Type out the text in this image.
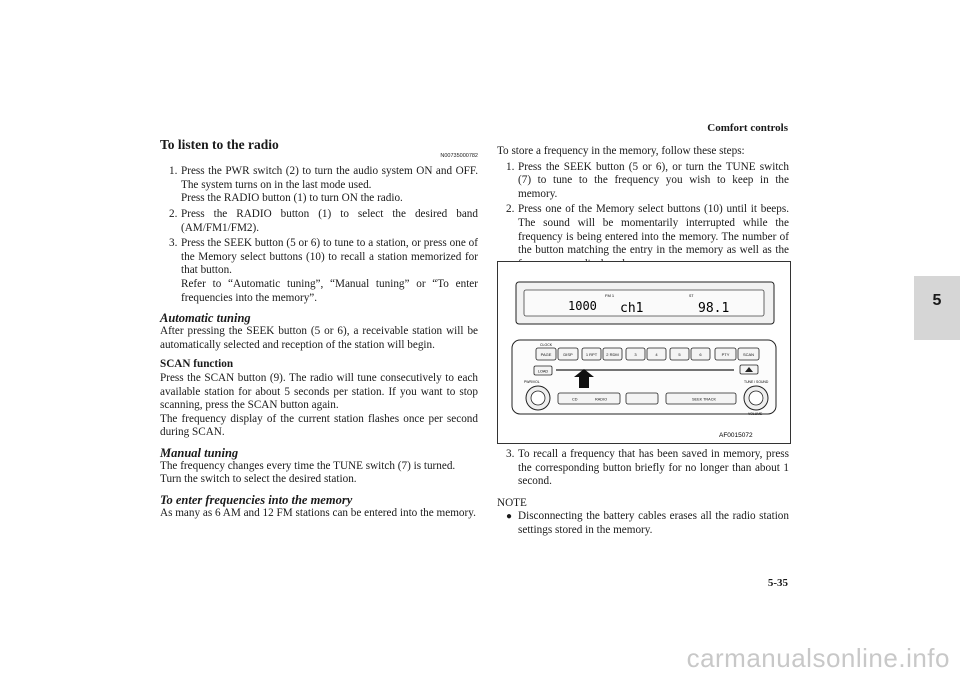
Comfort controls
5
To listen to the radio
N00735000782
1. Press the PWR switch (2) to turn the audio system ON and OFF. The system turns on in the last mode used.
Press the RADIO button (1) to turn ON the radio.
2. Press the RADIO button (1) to select the desired band (AM/FM1/FM2).
3. Press the SEEK button (5 or 6) to tune to a station, or press one of the Memory select buttons (10) to recall a station memorized for that button.
Refer to “Automatic tuning”, “Manual tuning” or “To enter frequencies into the memory”.
Automatic tuning

After pressing the SEEK button (5 or 6), a receivable station will be automatically selected and reception of the station will begin.

SCAN function

Press the SCAN button (9). The radio will tune consecutively to each available station for about 5 seconds per station. If you want to stop scanning, press the SCAN button again.

The frequency display of the current station flashes once per second during SCAN.

Manual tuning

The frequency changes every time the TUNE switch (7) is turned.

Turn the switch to select the desired station.

To enter frequencies into the memory

As many as 6 AM and 12 FM stations can be entered into the memory.

To store a frequency in the memory, follow these steps:

1. Press the SEEK button (5 or 6), or turn the TUNE switch (7) to tune to the frequency you wish to keep in the memory.
2. Press one of the Memory select buttons (10) until it beeps. The sound will be momentarily interrupted while the frequency is being entered into the memory. The number of the button matching the entry in the memory as well as the
1000
FM 1
ch1
ST
98.1
CLOCK
PAGE	DISP	1 RPT 2 RDM	3	4	5	6	PTY	SCAN
LOAD
PWR/VOL	TUNE / SOUND
VOLUME
CD	RADIO	SEEK TRACK
AF0015072
3. To recall a frequency that has been saved in memory, press the corresponding button briefly for no longer than about 1 second.
NOTE
● Disconnecting the battery cables erases all the radio station settings stored in the memory.
5-35
carmanualsonline.info
